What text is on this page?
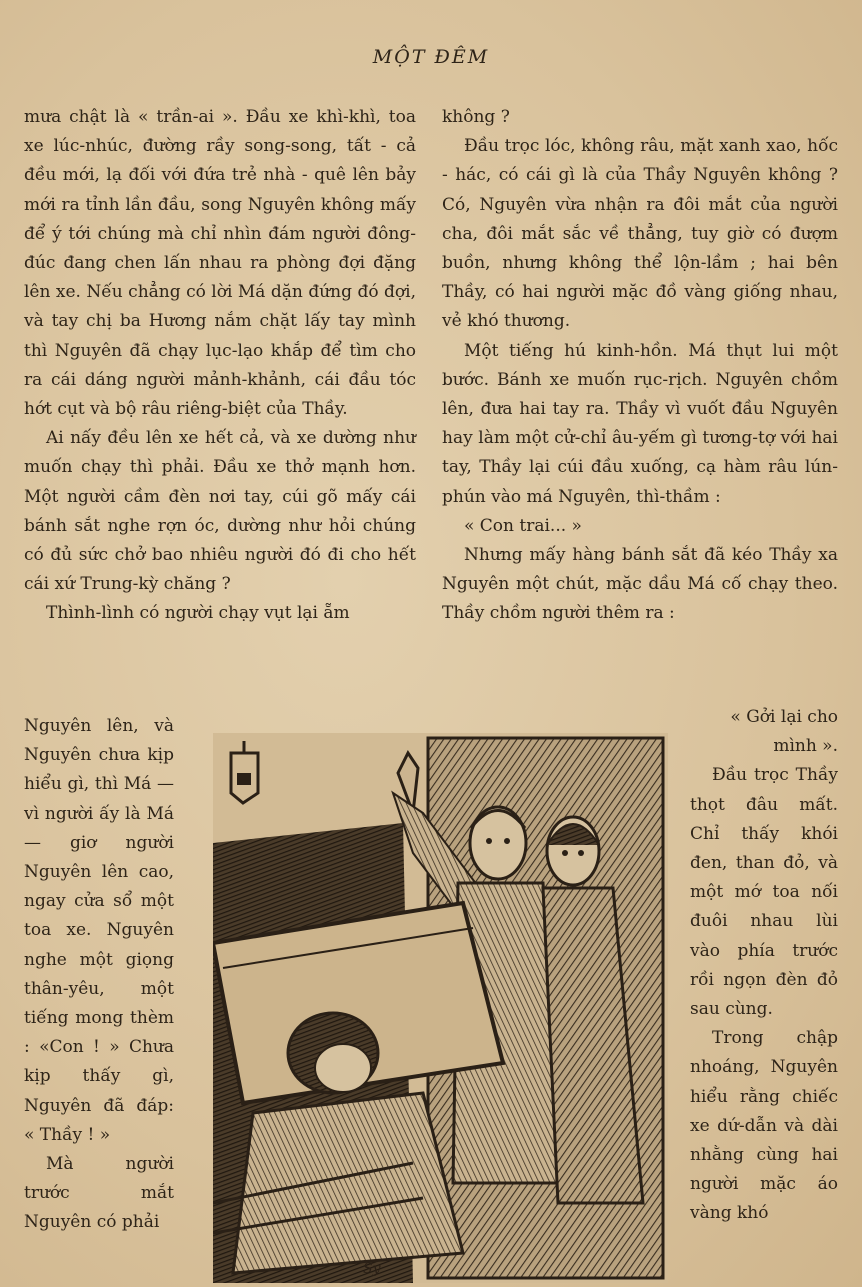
MỘT ĐÊM

mưa chật là « trần-ai ». Đầu xe khì-khì, toa xe lúc-nhúc, đường rầy song-song, tất - cả đều mới, lạ đối với đứa trẻ nhà - quê lên bảy mới ra tỉnh lần đầu, song Nguyên không mấy để ý tới chúng mà chỉ nhìn đám người đông-đúc đang chen lấn nhau ra phòng đợi đặng lên xe. Nếu chẳng có lời Má dặn đứng đó đợi, và tay chị ba Hương nắm chặt lấy tay mình thì Nguyên đã chạy lục-lạo khắp để tìm cho ra cái dáng người mảnh-khảnh, cái đầu tóc hớt cụt và bộ râu riêng-biệt của Thầy.

Ai nấy đều lên xe hết cả, và xe dường như muốn chạy thì phải. Đầu xe thở mạnh hơn. Một người cầm đèn nơi tay, cúi gõ mấy cái bánh sắt nghe rợn óc, dường như hỏi chúng có đủ sức chở bao nhiêu người đó đi cho hết cái xứ Trung-kỳ chăng ?

Thình-lình có người chạy vụt lại ẵm

Nguyên lên, và Nguyên chưa kịp hiểu gì, thì Má —vì người ấy là Má — giơ người Nguyên lên cao, ngay cửa sổ một toa xe. Nguyên nghe một giọng thân-yêu, một tiếng mong thèm : «Con ! » Chưa kịp thấy gì, Nguyên đã đáp: « Thầy ! »

Mà người trước mắt Nguyên có phải

không ?

Đầu trọc lóc, không râu, mặt xanh xao, hốc - hác, có cái gì là của Thầy Nguyên không ? Có, Nguyên vừa nhận ra đôi mắt của người cha, đôi mắt sắc về thẳng, tuy giờ có đượm buồn, nhưng không thể lộn-lầm ; hai bên Thầy, có hai người mặc đồ vàng giống nhau, vẻ khó thương.

Một tiếng hú kinh-hồn. Má thụt lui một bước. Bánh xe muốn rục-rịch. Nguyên chồm lên, đưa hai tay ra. Thầy vì vuốt đầu Nguyên hay làm một cử-chỉ âu-yếm gì tương-tợ với hai tay, Thầy lại cúi đầu xuống, cạ hàm râu lún-phún vào má Nguyên, thì-thầm :

« Con trai... »

Nhưng mấy hàng bánh sắt đã kéo Thầy xa Nguyên một chút, mặc dầu Má cố chạy theo. Thầy chồm người thêm ra :

« Gởi lại cho mình ».

Đầu trọc Thầy thọt đâu mất. Chỉ thấy khói đen, than đỏ, và một mớ toa nối đuôi nhau lùi vào phía trước rồi ngọn đèn đỏ sau cùng.

Trong chập nhoáng, Nguyên hiểu rằng chiếc xe dứ-dẫn và dài nhằng cùng hai người mặc áo vàng khó

Sy
